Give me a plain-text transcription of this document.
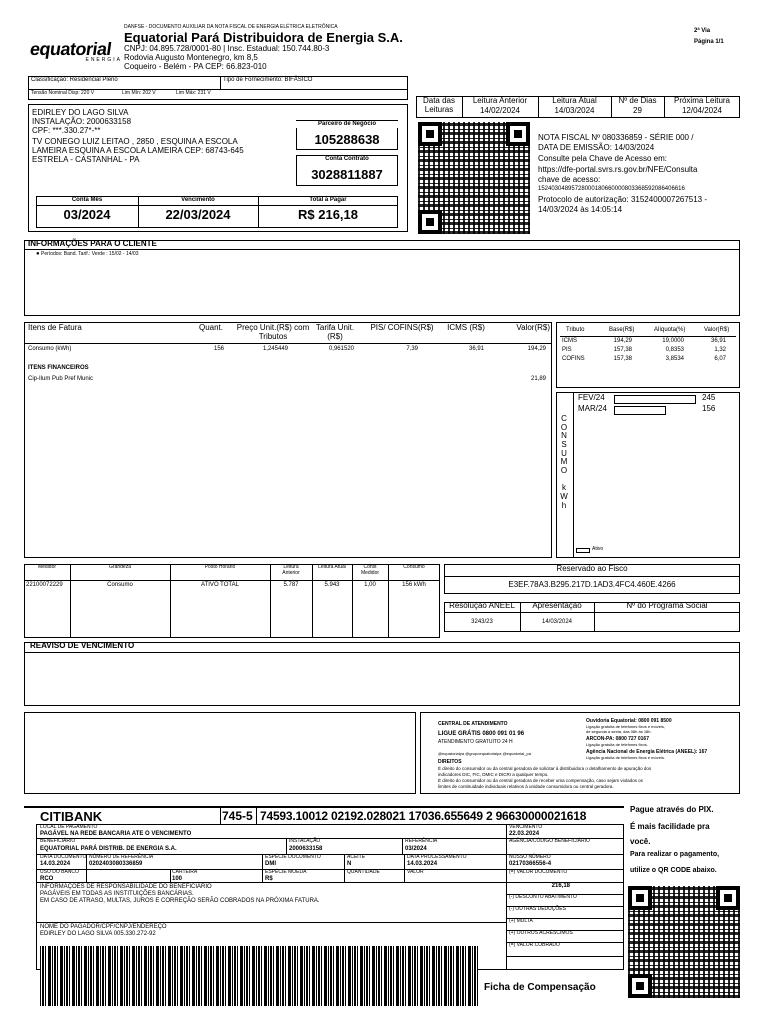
equatorial
ENERGIA
DANFSE - DOCUMENTO AUXILIAR DA NOTA FISCAL DE ENERGIA ELÉTRICA ELETRÔNICA
Equatorial Pará Distribuidora de Energia S.A.
CNPJ: 04.895.728/0001-80 | Insc. Estadual: 150.744.80-3
Rodovia Augusto Montenegro, km 8,5
Coqueiro - Belém - PA CEP: 66.823-010
2ª Via
Página 1/1
Classificação: Residencial Pleno	Tipo de Fornecimento: BIFÁSICO
Tensão Nominal Disp: 220 V	Lim Mín: 202 V	Lim Máx: 231 V
EDIRLEY DO LAGO SILVA
INSTALAÇÃO: 2000633158
CPF: ***.330.27*-**
TV CONEGO LUIZ LEITAO , 2850 , ESQUINA A ESCOLA
LAMEIRA ESQUINA A ESCOLA LAMEIRA CEP: 68743-645
ESTRELA - CASTANHAL - PA
Parceiro de Negócio
105288638
Conta Contrato
3028811887
Conta Mês	Vencimento	Total a Pagar
03/2024	22/03/2024	R$ 216,18
Data das Leituras
Leitura Anterior	Leitura Atual	Nº de Dias	Próxima Leitura
14/02/2024	14/03/2024	29	12/04/2024
NOTA FISCAL Nº 080336859 - SÉRIE 000 /
DATA DE EMISSÃO: 14/03/2024
Consulte pela Chave de Acesso em:
https://dfe-portal.svrs.rs.gov.br/NFE/Consulta
chave de acesso:
15240304895728000180660000803368592086406616
Protocolo de autorização: 3152400007267513 -
14/03/2024 às 14:05:14
INFORMAÇÕES PARA O CLIENTE
● Períodos: Band. Tarif.: Verde : 15/02 - 14/03
Itens de Fatura	Quant.	Preço Unit.(R$) com Tributos
Tarifa Unit.(R$)
PIS/ COFINS(R$)	ICMS (R$)	Valor(R$)
Consumo (kWh)	156	1,245449	0,961520	7,39	36,91	194,29
ITENS FINANCEIROS
Cip-Ilum Pub Pref Munic	21,89
Tributo	Base(R$)	Alíquota(%)	Valor(R$)
ICMS	194,29	19,0000	36,91
PIS	157,38	0,8353	1,32
COFINS	157,38	3,8534	6,07
C
O
N
S
U
M
O
k
W
h
FEV/24	245
MAR/24	156
Ativo
Medidor	Grandeza	Posto Horário	Leitura Anterior
Leitura Atual	Const Medidor
Consumo
22100072229	Consumo	ATIVO TOTAL	5.787	5.943	1,00	156 kWh
Reservado ao Fisco
E3EF.78A3.B295.217D.1AD3.4FC4.460E.4266
Resolução ANEEL	Apresentação	Nº do Programa Social
3243/23	14/03/2024
REAVISO DE VENCIMENTO
CENTRAL DE ATENDIMENTO
LIGUE GRÁTIS 0800 091 01 96
ATENDIMENTO GRATUITO 24 H
@equatorialpa @grupoequatorialpa @equatorial_pa
DIREITOS
É direito do consumidor ou da central geradora de solicitar à distribuidora o detalhamento de apuração dos
indicadores DIC, FIC, DMIC e DICRI a qualquer tempo.
É direito do consumidor ou da central geradora de receber uma compensação, caso sejam violados os
limites de continuidade individuais relativos à unidade consumidora ou central geradora.
Ouvidoria Equatorial: 0800 091 8500
Ligação gratuita de telefones fixos e móveis,
de segunda a sexta, das 08h às 18h.
ARCON-PA: 0800 727 0167
Ligação gratuita de telefones fixos.
Agência Nacional de Energia Elétrica (ANEEL): 167
Ligação gratuita de telefones fixos e móveis.
CITIBANK	745-5 74593.10012 02192.028021 17036.655649 2 96630000021618
LOCAL DE PAGAMENTO
PAGÁVEL NA REDE BANCARIA ATE O VENCIMENTO
VENCIMENTO
22.03.2024
BENEFICIÁRIO
EQUATORIAL PARÁ DISTRIB. DE ENERGIA S.A.
INSTALAÇÃO
2000633158
REFERÊNCIA
03/2024
AGÊNCIA/CÓDIGO BENEFICIÁRIO
DATA DOCUMENTO
14.03.2024
NÚMERO DE REFERÊNCIA
0202403080336859
ESPÉCIE DOCUMENTO
DMI
ACEITE
N
DATA PROCESSAMENTO
14.03.2024
NOSSO NÚMERO
02170366556-4
USO DO BANCO
RCO
CARTEIRA
100
ESPÉCIE MOEDA
R$
QUANTIDADE	VALOR	(=) VALOR DOCUMENTO
216,18
(-) DESCONTO ABATIMENTO
(-) OUTRAS DEDUÇÕES
(+) MULTA
(+) OUTROS ACRÉSCIMOS
(=) VALOR COBRADO
INFORMAÇÕES DE RESPONSABILIDADE DO BENEFICIÁRIO
PAGÁVEIS EM TODAS AS INSTITUIÇÕES BANCÁRIAS.
EM CASO DE ATRASO, MULTAS, JUROS E CORREÇÃO SERÃO COBRADOS NA PRÓXIMA FATURA.
NOME DO PAGADOR/CPF/CNPJ/ENDEREÇO
EDIRLEY DO LAGO SILVA 005.330.272-92
Ficha de Compensação
Pague através do PIX.
É mais facilidade pra
você.
Para realizar o pagamento,
utilize o QR CODE abaixo.
